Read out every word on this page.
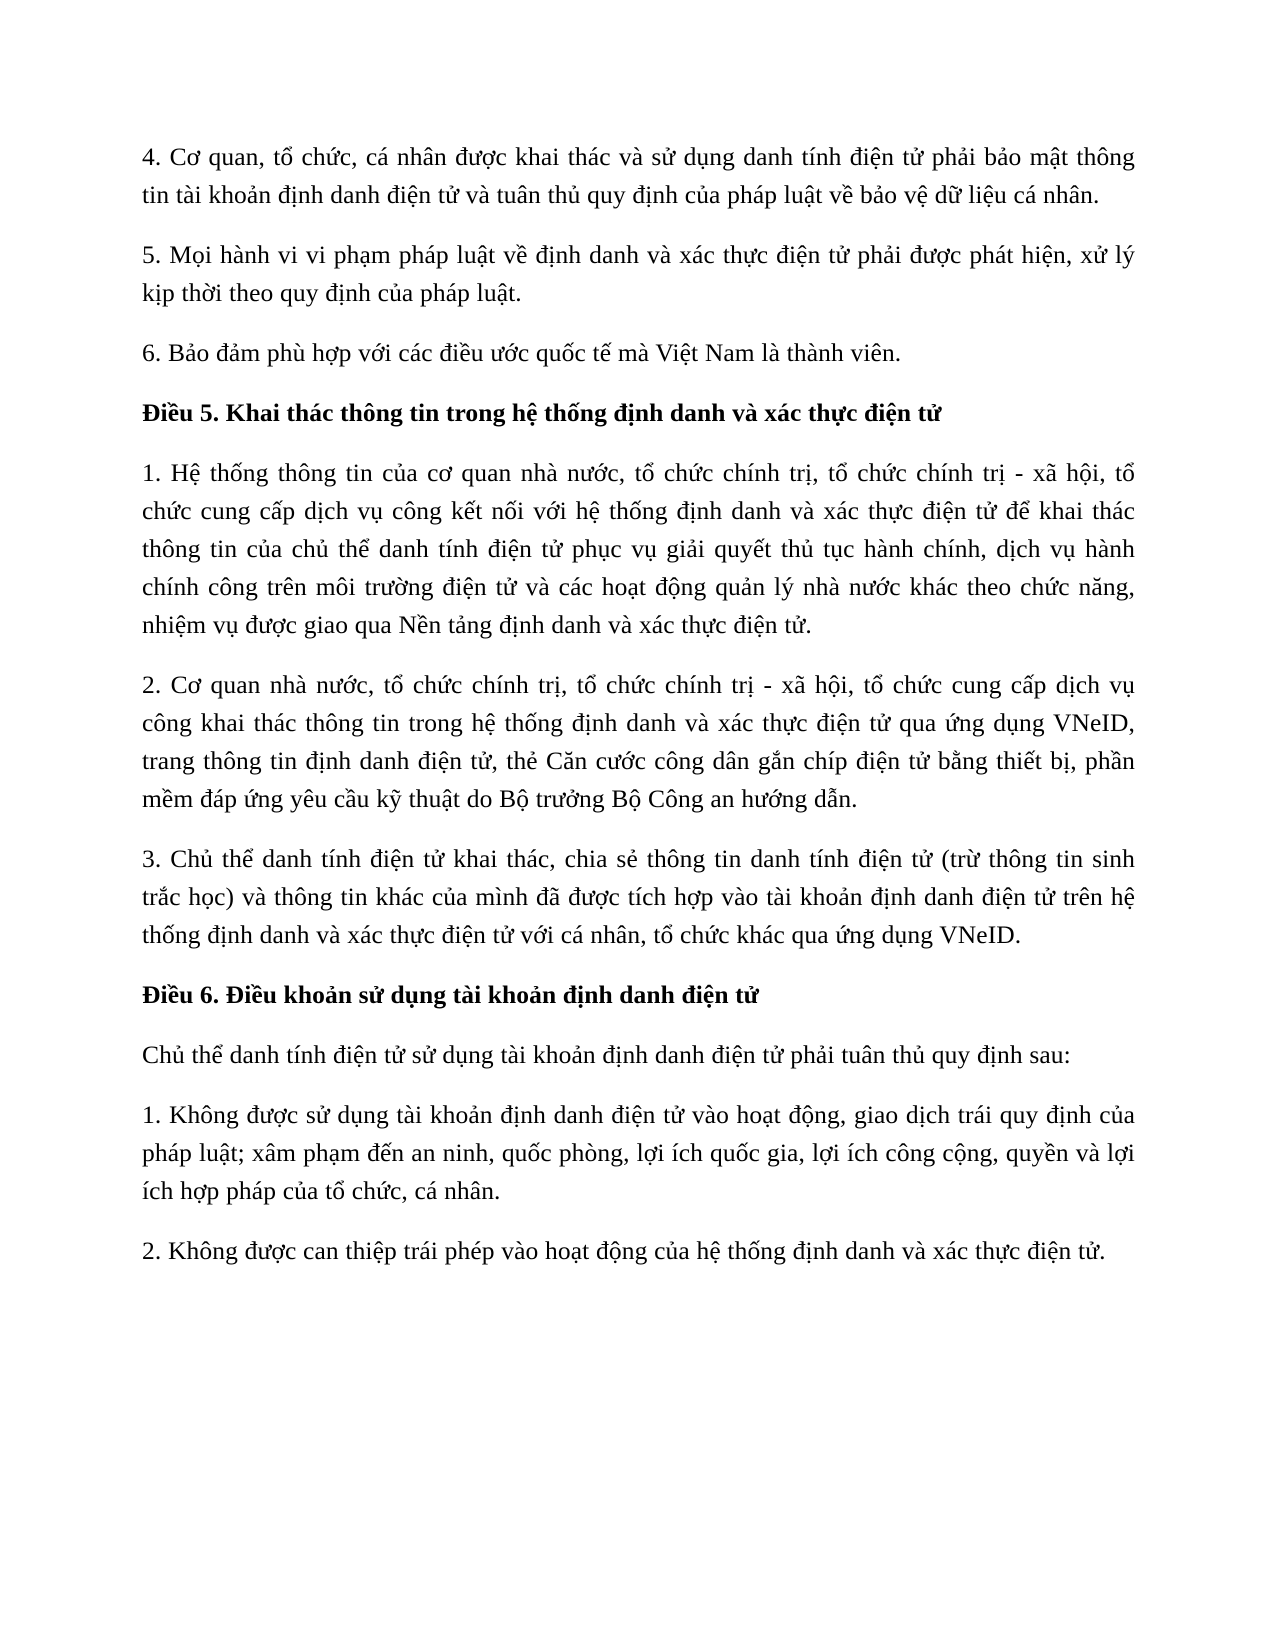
4. Cơ quan, tổ chức, cá nhân được khai thác và sử dụng danh tính điện tử phải bảo mật thông tin tài khoản định danh điện tử và tuân thủ quy định của pháp luật về bảo vệ dữ liệu cá nhân.

5. Mọi hành vi vi phạm pháp luật về định danh và xác thực điện tử phải được phát hiện, xử lý kịp thời theo quy định của pháp luật.

6. Bảo đảm phù hợp với các điều ước quốc tế mà Việt Nam là thành viên.

Điều 5. Khai thác thông tin trong hệ thống định danh và xác thực điện tử

1. Hệ thống thông tin của cơ quan nhà nước, tổ chức chính trị, tổ chức chính trị - xã hội, tổ chức cung cấp dịch vụ công kết nối với hệ thống định danh và xác thực điện tử để khai thác thông tin của chủ thể danh tính điện tử phục vụ giải quyết thủ tục hành chính, dịch vụ hành chính công trên môi trường điện tử và các hoạt động quản lý nhà nước khác theo chức năng, nhiệm vụ được giao qua Nền tảng định danh và xác thực điện tử.

2. Cơ quan nhà nước, tổ chức chính trị, tổ chức chính trị - xã hội, tổ chức cung cấp dịch vụ công khai thác thông tin trong hệ thống định danh và xác thực điện tử qua ứng dụng VNeID, trang thông tin định danh điện tử, thẻ Căn cước công dân gắn chíp điện tử bằng thiết bị, phần mềm đáp ứng yêu cầu kỹ thuật do Bộ trưởng Bộ Công an hướng dẫn.

3. Chủ thể danh tính điện tử khai thác, chia sẻ thông tin danh tính điện tử (trừ thông tin sinh trắc học) và thông tin khác của mình đã được tích hợp vào tài khoản định danh điện tử trên hệ thống định danh và xác thực điện tử với cá nhân, tổ chức khác qua ứng dụng VNeID.

Điều 6. Điều khoản sử dụng tài khoản định danh điện tử

Chủ thể danh tính điện tử sử dụng tài khoản định danh điện tử phải tuân thủ quy định sau:

1. Không được sử dụng tài khoản định danh điện tử vào hoạt động, giao dịch trái quy định của pháp luật; xâm phạm đến an ninh, quốc phòng, lợi ích quốc gia, lợi ích công cộng, quyền và lợi ích hợp pháp của tổ chức, cá nhân.

2. Không được can thiệp trái phép vào hoạt động của hệ thống định danh và xác thực điện tử.
